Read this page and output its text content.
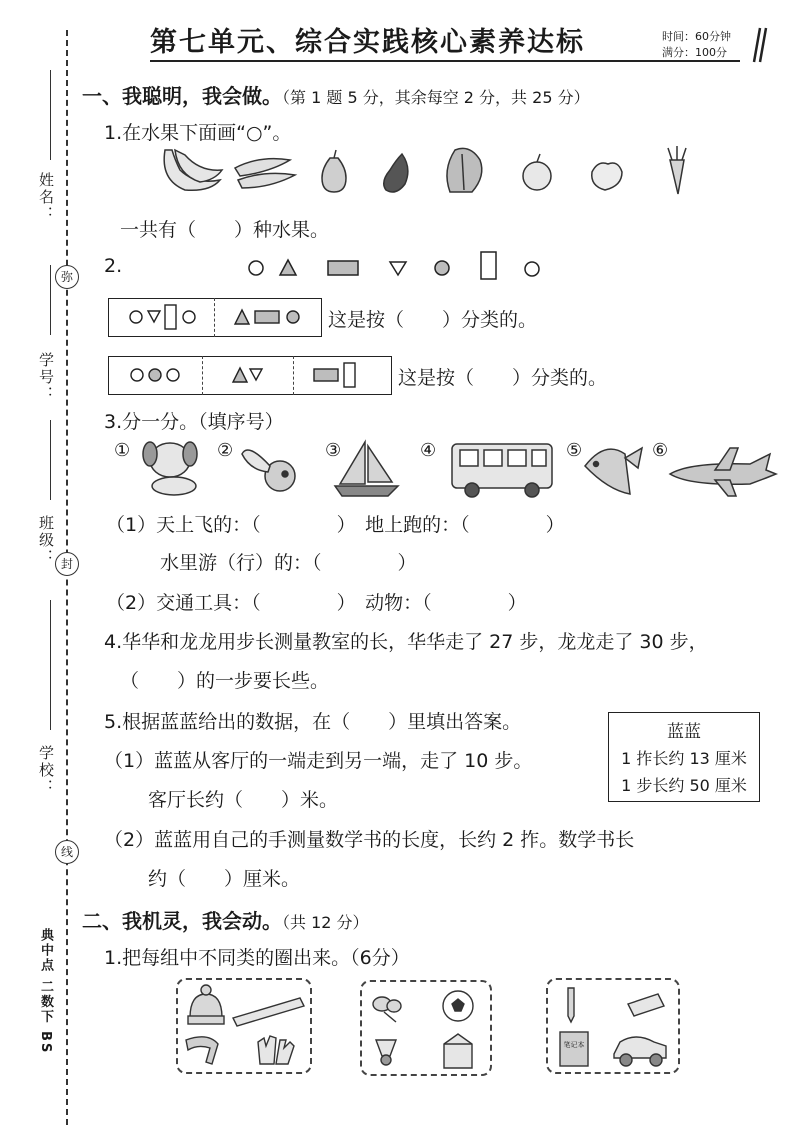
姓名：
弥
学号：
班级： 封
学校：
线
典中点 二数下 BS
第七单元、综合实践核心素养达标	时间：60分钟
满分：100分
一、我聪明，我会做。（第 1 题 5 分，其余每空 2 分，共 25 分）
1.在水果下面画“○”。
一共有（　　）种水果。
2.
这是按（　　）分类的。
这是按（　　）分类的。
3.分一分。（填序号）
①	②	③	④	⑤	⑥
（1）天上飞的：（　　　　）　地上跑的：（　　　　）
水里游（行）的：（　　　　）
（2）交通工具：（　　　　）　动物：（　　　　）
4.华华和龙龙用步长测量教室的长，华华走了 27 步，龙龙走了 30 步，
（　　）的一步要长些。
5.根据蓝蓝给出的数据，在（　　）里填出答案。	蓝蓝
1 拃长约 13 厘米
1 步长约 50 厘米
（1）蓝蓝从客厅的一端走到另一端，走了 10 步。
客厅长约（　　）米。
（2）蓝蓝用自己的手测量数学书的长度，长约 2 拃。数学书长
约（　　）厘米。
二、我机灵，我会动。（共 12 分）
1.把每组中不同类的圈出来。（6分）
笔记本
